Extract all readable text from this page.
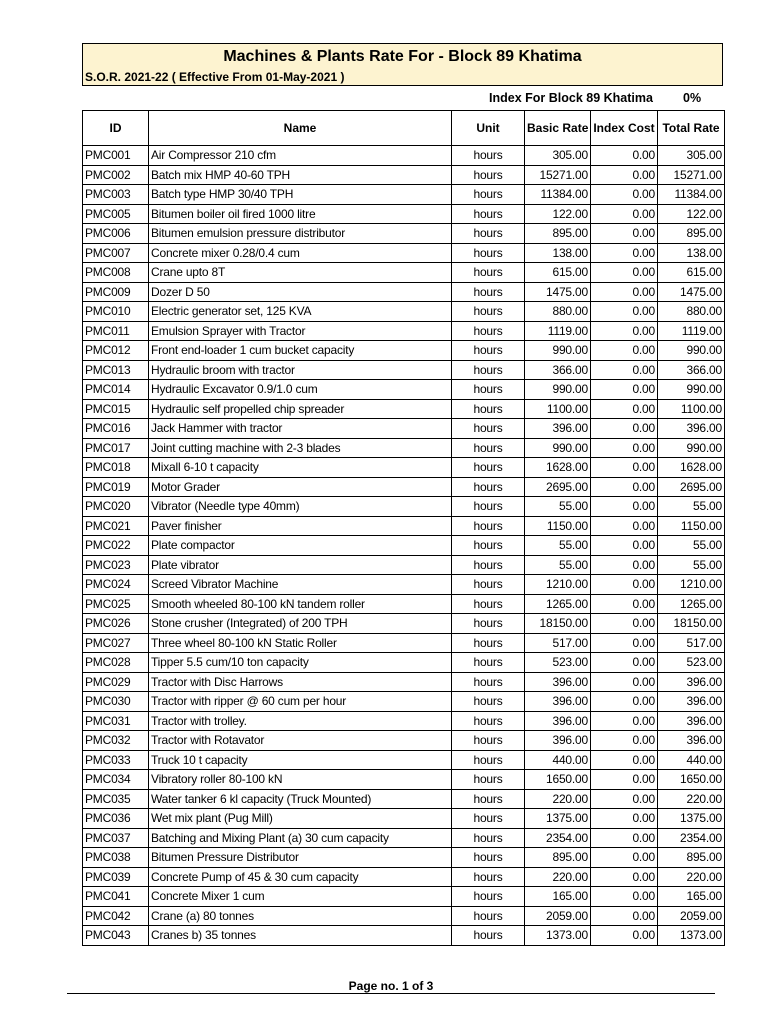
Machines & Plants Rate For - Block 89 Khatima
S.O.R. 2021-22 ( Effective From 01-May-2021 )
Index For Block 89 Khatima 0%
ID	Name	Unit	Basic Rate	Index Cost	Total Rate
PMC001	Air Compressor 210 cfm	hours	305.00	0.00	305.00
PMC002	Batch mix HMP 40-60 TPH	hours	15271.00	0.00	15271.00
PMC003	Batch type HMP 30/40 TPH	hours	11384.00	0.00	11384.00
PMC005	Bitumen boiler oil fired 1000 litre	hours	122.00	0.00	122.00
PMC006	Bitumen emulsion pressure distributor	hours	895.00	0.00	895.00
PMC007	Concrete mixer 0.28/0.4 cum	hours	138.00	0.00	138.00
PMC008	Crane upto 8T	hours	615.00	0.00	615.00
PMC009	Dozer D 50	hours	1475.00	0.00	1475.00
PMC010	Electric generator set, 125 KVA	hours	880.00	0.00	880.00
PMC011	Emulsion Sprayer with Tractor	hours	1119.00	0.00	1119.00
PMC012	Front end-loader 1 cum bucket capacity	hours	990.00	0.00	990.00
PMC013	Hydraulic broom with tractor	hours	366.00	0.00	366.00
PMC014	Hydraulic Excavator 0.9/1.0 cum	hours	990.00	0.00	990.00
PMC015	Hydraulic self propelled chip spreader	hours	1100.00	0.00	1100.00
PMC016	Jack Hammer with tractor	hours	396.00	0.00	396.00
PMC017	Joint cutting machine with 2-3 blades	hours	990.00	0.00	990.00
PMC018	Mixall 6-10 t capacity	hours	1628.00	0.00	1628.00
PMC019	Motor Grader	hours	2695.00	0.00	2695.00
PMC020	Vibrator (Needle type 40mm)	hours	55.00	0.00	55.00
PMC021	Paver finisher	hours	1150.00	0.00	1150.00
PMC022	Plate compactor	hours	55.00	0.00	55.00
PMC023	Plate vibrator	hours	55.00	0.00	55.00
PMC024	Screed Vibrator Machine	hours	1210.00	0.00	1210.00
PMC025	Smooth wheeled 80-100 kN tandem roller	hours	1265.00	0.00	1265.00
PMC026	Stone crusher (Integrated) of 200 TPH	hours	18150.00	0.00	18150.00
PMC027	Three wheel 80-100 kN Static Roller	hours	517.00	0.00	517.00
PMC028	Tipper 5.5 cum/10 ton capacity	hours	523.00	0.00	523.00
PMC029	Tractor with Disc Harrows	hours	396.00	0.00	396.00
PMC030	Tractor with ripper @ 60 cum per hour	hours	396.00	0.00	396.00
PMC031	Tractor with trolley.	hours	396.00	0.00	396.00
PMC032	Tractor with Rotavator	hours	396.00	0.00	396.00
PMC033	Truck 10 t capacity	hours	440.00	0.00	440.00
PMC034	Vibratory roller 80-100 kN	hours	1650.00	0.00	1650.00
PMC035	Water tanker 6 kl capacity (Truck Mounted)	hours	220.00	0.00	220.00
PMC036	Wet mix plant (Pug Mill)	hours	1375.00	0.00	1375.00
PMC037	Batching and Mixing Plant (a) 30 cum capacity	hours	2354.00	0.00	2354.00
PMC038	Bitumen Pressure Distributor	hours	895.00	0.00	895.00
PMC039	Concrete Pump of 45 & 30 cum capacity	hours	220.00	0.00	220.00
PMC041	Concrete Mixer 1 cum	hours	165.00	0.00	165.00
PMC042	Crane (a) 80 tonnes	hours	2059.00	0.00	2059.00
PMC043	Cranes b) 35 tonnes	hours	1373.00	0.00	1373.00
Page no. 1 of 3
